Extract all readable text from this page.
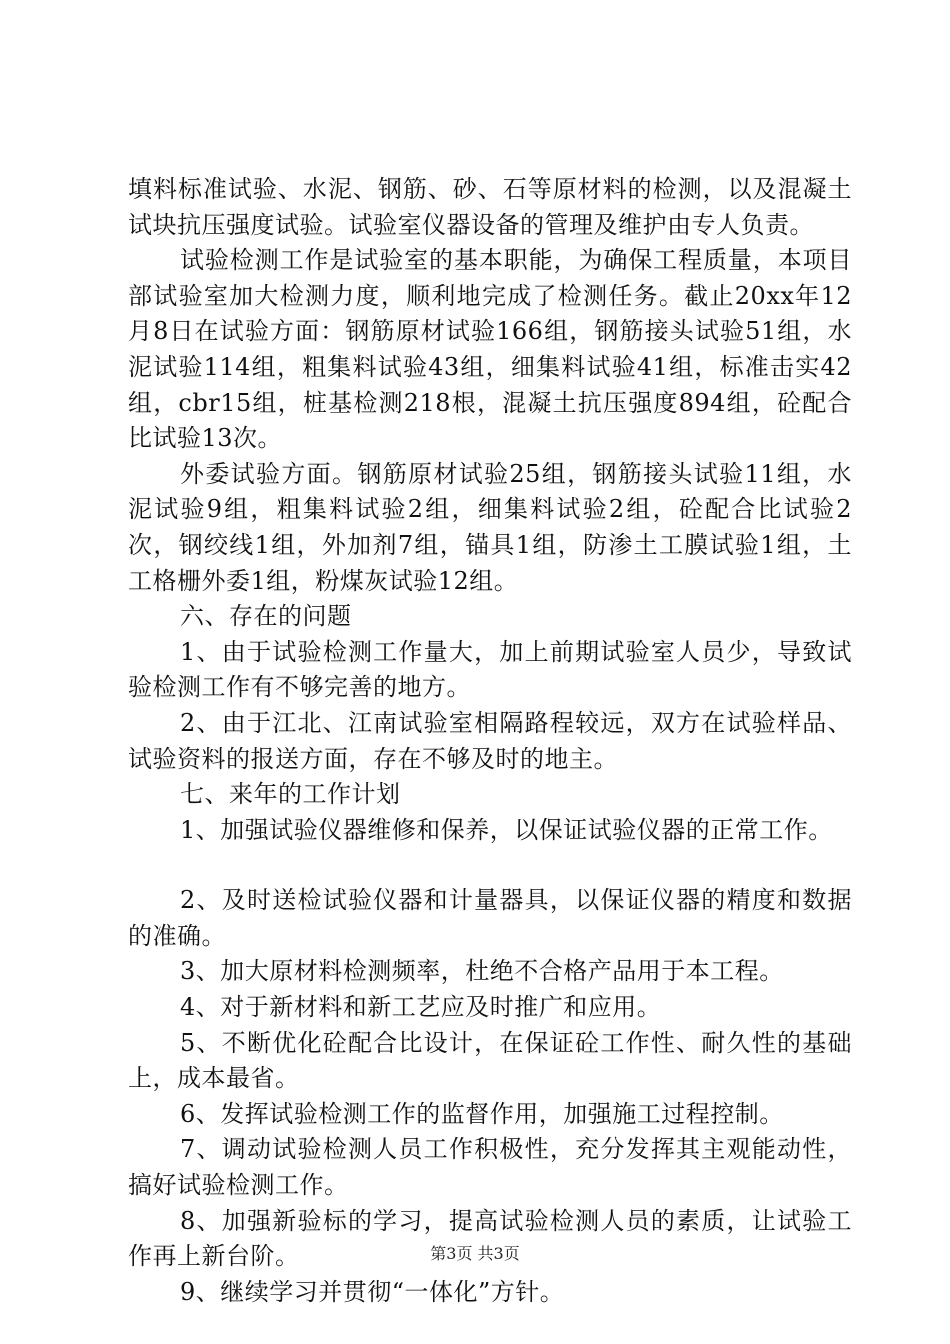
填料标准试验、水泥、钢筋、砂、石等原材料的检测，以及混凝土试块抗压强度试验。试验室仪器设备的管理及维护由专人负责。

试验检测工作是试验室的基本职能，为确保工程质量，本项目部试验室加大检测力度，顺利地完成了检测任务。截止20xx年12月8日在试验方面：钢筋原材试验166组，钢筋接头试验51组，水泥试验114组，粗集料试验43组，细集料试验41组，标准击实42组，cbr15组，桩基检测218根，混凝土抗压强度894组，砼配合比试验13次。

外委试验方面。钢筋原材试验25组，钢筋接头试验11组，水泥试验9组，粗集料试验2组，细集料试验2组，砼配合比试验2次，钢绞线1组，外加剂7组，锚具1组，防渗土工膜试验1组，土工格栅外委1组，粉煤灰试验12组。

六、存在的问题

1、由于试验检测工作量大，加上前期试验室人员少，导致试验检测工作有不够完善的地方。

2、由于江北、江南试验室相隔路程较远，双方在试验样品、试验资料的报送方面，存在不够及时的地主。

七、来年的工作计划

1、加强试验仪器维修和保养，以保证试验仪器的正常工作。

2、及时送检试验仪器和计量器具，以保证仪器的精度和数据的准确。

3、加大原材料检测频率，杜绝不合格产品用于本工程。

4、对于新材料和新工艺应及时推广和应用。

5、不断优化砼配合比设计，在保证砼工作性、耐久性的基础上，成本最省。

6、发挥试验检测工作的监督作用，加强施工过程控制。

7、调动试验检测人员工作积极性，充分发挥其主观能动性，搞好试验检测工作。

8、加强新验标的学习，提高试验检测人员的素质，让试验工作再上新台阶。

9、继续学习并贯彻“一体化”方针。

第3页 共3页
